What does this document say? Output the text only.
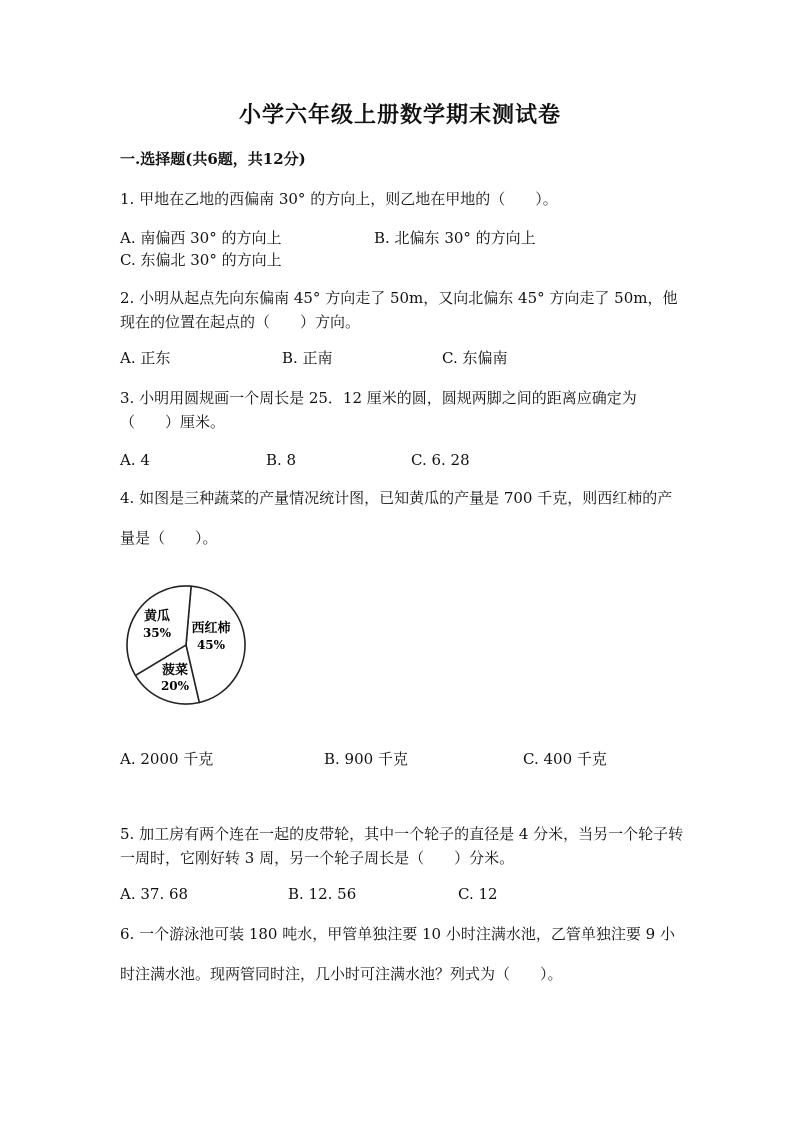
小学六年级上册数学期末测试卷
一.选择题(共6题，共12分)
1. 甲地在乙地的西偏南 30° 的方向上，则乙地在甲地的（　　）。
A. 南偏西 30° 的方向上	B. 北偏东 30° 的方向上C. 东偏北 30° 的方向上
2. 小明从起点先向东偏南 45° 方向走了 50m，又向北偏东 45° 方向走了 50m，他现在的位置在起点的（　　）方向。
A. 正东	B. 正南	C. 东偏南
3. 小明用圆规画一个周长是 25．12 厘米的圆，圆规两脚之间的距离应确定为（　　）厘米。
A. 4	B. 8	C. 6. 28
4. 如图是三种蔬菜的产量情况统计图，已知黄瓜的产量是 700 千克，则西红柿的产量是（　　）。
西红柿
45%
菠菜
20%
黄瓜
35%
A. 2000 千克	B. 900 千克	C. 400 千克
5. 加工房有两个连在一起的皮带轮，其中一个轮子的直径是 4 分米，当另一个轮子转一周时，它刚好转 3 周，另一个轮子周长是（　　）分米。
A. 37. 68	B. 12. 56	C. 12
6. 一个游泳池可装 180 吨水，甲管单独注要 10 小时注满水池，乙管单独注要 9 小时注满水池。现两管同时注，几小时可注满水池？列式为（　　）。
